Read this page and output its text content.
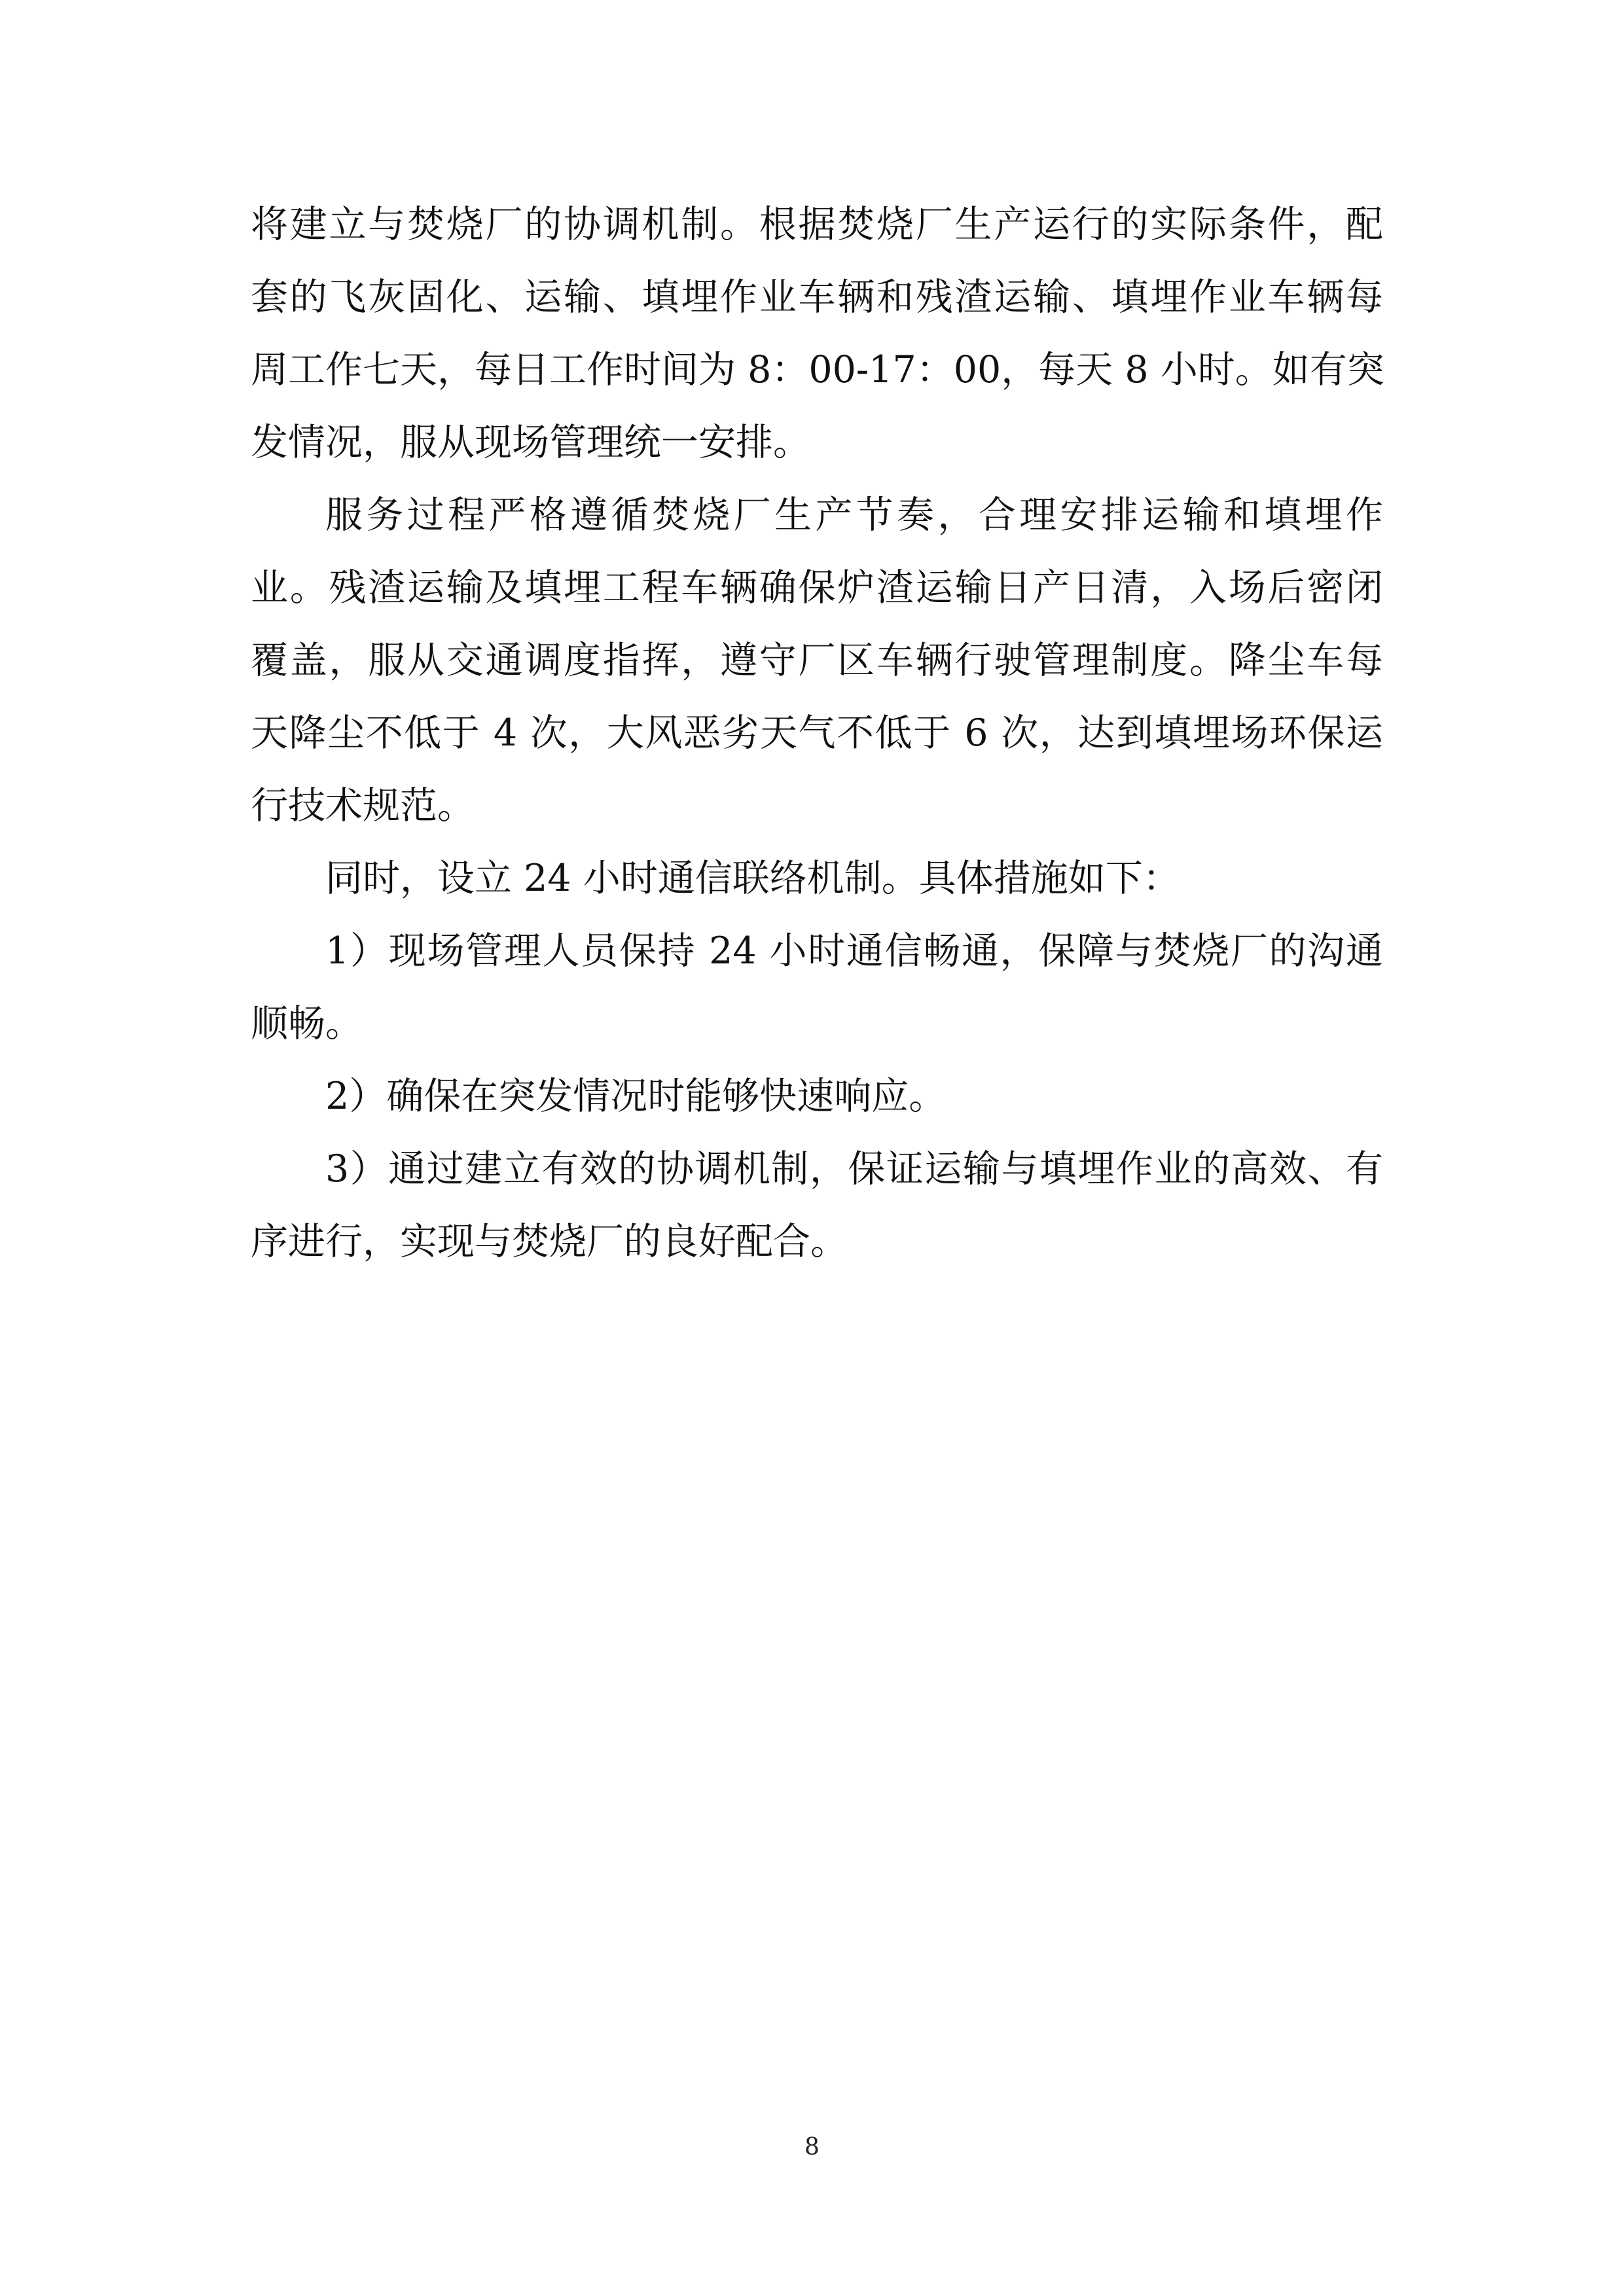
将建立与焚烧厂的协调机制。根据焚烧厂生产运行的实际条件，配
套的飞灰固化、运输、填埋作业车辆和残渣运输、填埋作业车辆每
周工作七天，每日工作时间为 8：00-17：00，每天 8 小时。如有突
发情况，服从现场管理统一安排。
服务过程严格遵循焚烧厂生产节奏，合理安排运输和填埋作
业。残渣运输及填埋工程车辆确保炉渣运输日产日清，入场后密闭
覆盖，服从交通调度指挥，遵守厂区车辆行驶管理制度。降尘车每
天降尘不低于 4 次，大风恶劣天气不低于 6 次，达到填埋场环保运
行技术规范。
同时，设立 24 小时通信联络机制。具体措施如下：
1）现场管理人员保持 24 小时通信畅通，保障与焚烧厂的沟通
顺畅。
2）确保在突发情况时能够快速响应。
3）通过建立有效的协调机制，保证运输与填埋作业的高效、有
序进行，实现与焚烧厂的良好配合。
8
